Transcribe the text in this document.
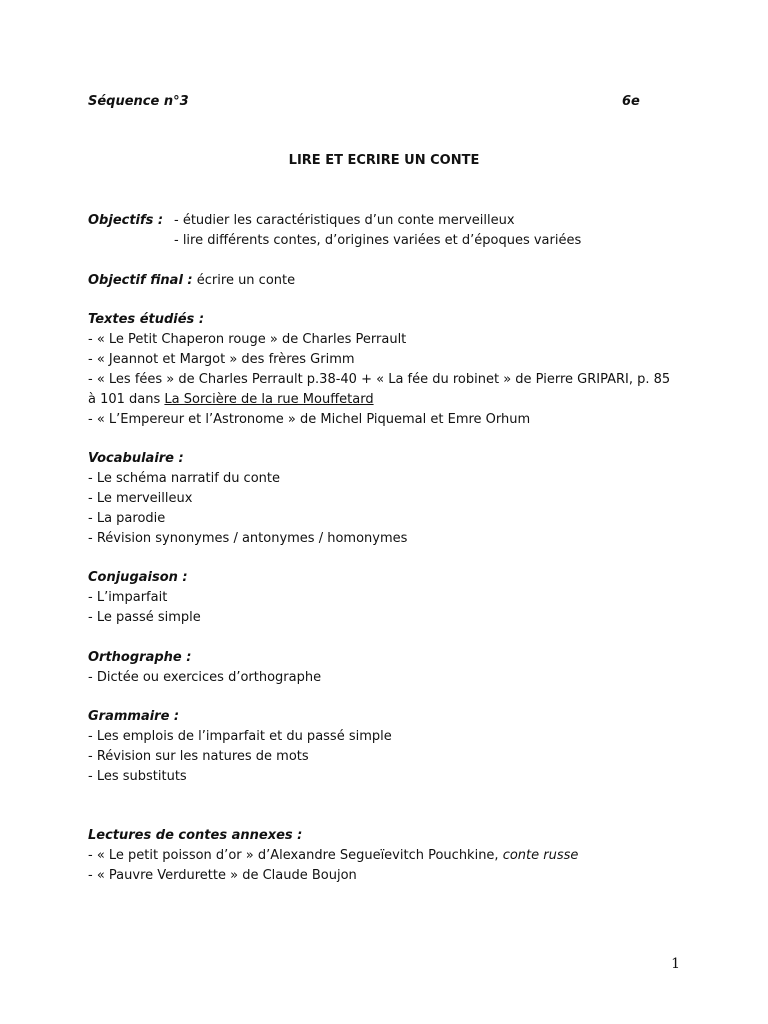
Séquence n°3	6e
LIRE ET ECRIRE UN CONTE
Objectifs : - étudier les caractéristiques d’un conte merveilleux
- lire différents contes, d’origines variées et d’époques variées
Objectif final : écrire un conte
Textes étudiés :
- « Le Petit Chaperon rouge » de Charles Perrault
- « Jeannot et Margot » des frères Grimm
- « Les fées » de Charles Perrault p.38-40 + « La fée du robinet » de Pierre GRIPARI, p. 85
à 101 dans La Sorcière de la rue Mouffetard
- « L’Empereur et l’Astronome » de Michel Piquemal et Emre Orhum
Vocabulaire :
- Le schéma narratif du conte
- Le merveilleux
- La parodie
- Révision synonymes / antonymes / homonymes
Conjugaison :
- L’imparfait
- Le passé simple
Orthographe :
- Dictée ou exercices d’orthographe
Grammaire :
- Les emplois de l’imparfait et du passé simple
- Révision sur les natures de mots
- Les substituts
Lectures de contes annexes :
- « Le petit poisson d’or » d’Alexandre Segueïevitch Pouchkine, conte russe
- « Pauvre Verdurette » de Claude Boujon
1
